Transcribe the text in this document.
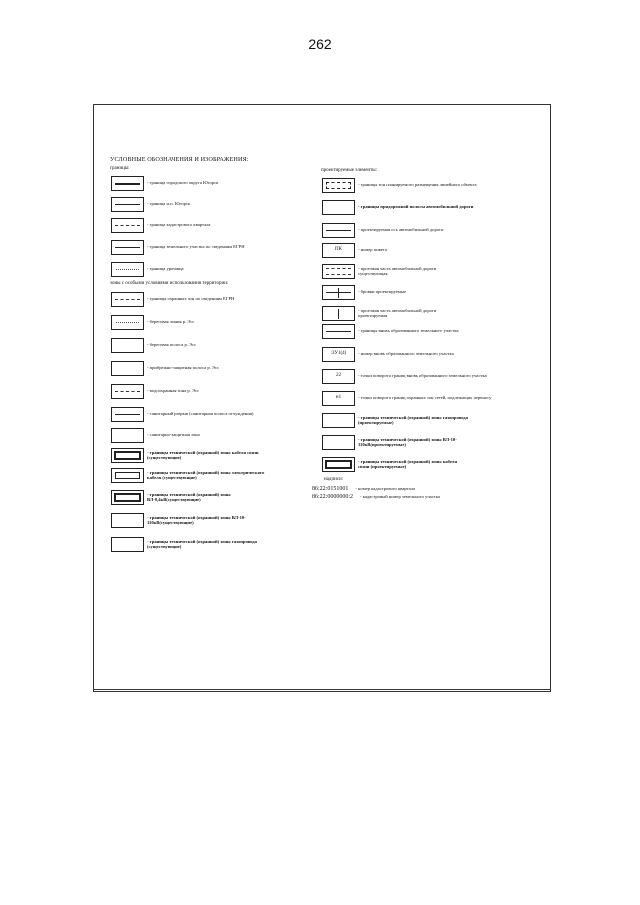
262
УСЛОВНЫЕ ОБОЗНАЧЕНИЯ И ИЗОБРАЖЕНИЯ:
границы:
- граница городского округа Югорск
- граница н.п. Югорск
- граница кадастрового квартала
- граница земельного участка по сведениям ЕГРН
- граница урочища
зоны с особыми условиями использования территории:
- границы охранных зон по сведениям ЕГРН
- береговая линия р. Эсс
- береговая полоса р. Эсс
- прибрежно-защитная полоса р. Эсс
- водоохранная зона р. Эсс
- санитарный разрыв (санитарная полоса отчуждения)
- санитарно-защитная зона
- границы технической (охранной) зоны кабеля связи (существующие)
- границы технической (охранной) зоны электрического кабеля (существующие)
- границы технической (охранной) зоны ВЛ-0,4кВ(существующие)
- границы технической (охранной) зоны ВЛ-10-110кВ(существующие)
- границы технической (охранной) зоны газопровода (существующие)
проектируемые элементы:
- границы зон планируемого размещения линейного объекта
- границы придорожной полосы автомобильной дороги
- проектируемая ось автомобильной дороги
ПК	- номер пикета
- проезжая часть автомобильной дороги существующая
- бровки проектируемые
- проезжая часть автомобильной дороги проектируемая
- границы вновь образованного земельного участка
:ЗУ1(4)	- номер вновь образованного земельного участка
22	- точки поворота границ вновь образованного земельного участка
н1	- точки поворота границ охранных зон сетей, подлежащих переносу
- границы технической (охранной) зоны газопровода (проектируемые)
- границы технической (охранной) зоны ВЛ-10-110кВ(проектируемые)
- границы технической (охранной) зоны кабеля связи (проектируемые)
надписи:
86:22:0151001 - номер кадастрового квартала
86:22:0000000:2 - кадастровый номер земельного участка
